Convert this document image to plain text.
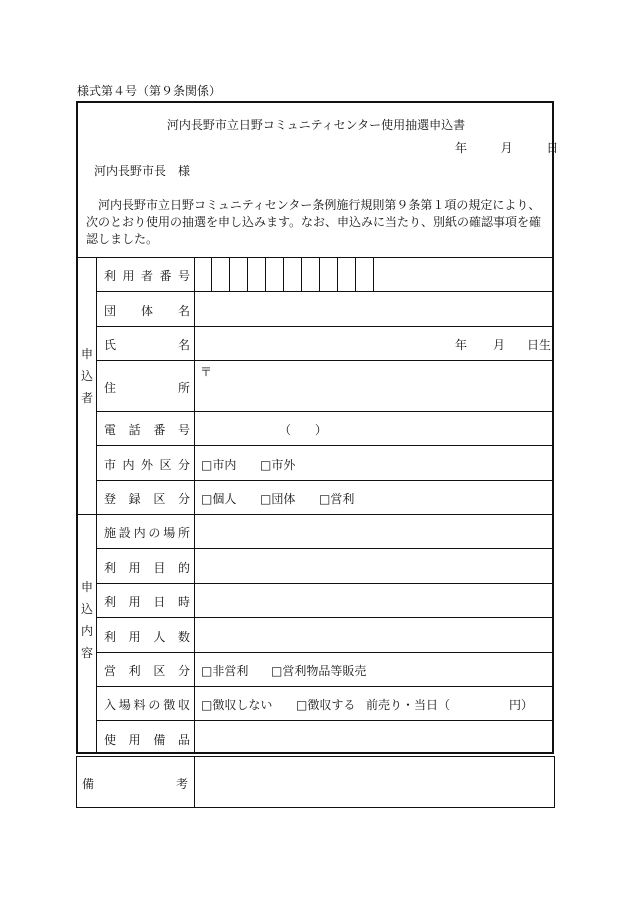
様式第４号（第９条関係）
河内長野市立日野コミュニティセンター使用抽選申込書
年	月	日
河内長野市長　様
河内長野市立日野コミュニティセンター条例施行規則第９条第１項の規定により、次のとおり使用の抽選を申し込みます。なお、申込みに当たり、別紙の確認事項を確認しました。
申
込
者
利 用 者 番 号
団 体 名
氏	名	年 月 日生
〒
住	所
電 話 番 号	（ ）
市 内 外 区 分 □市内 □市外
登 録 区 分 □個人 □団体 □営利
申
込
内
容
施 設 内 の 場 所
利 用 目 的
利 用 日 時
利 用 人 数
営 利 区 分 □非営利 □営利物品等販売
入 場 料 の 徴 収 □徴収しない □徴収する 前売り・当日（	円）
使 用 備 品
備	考
